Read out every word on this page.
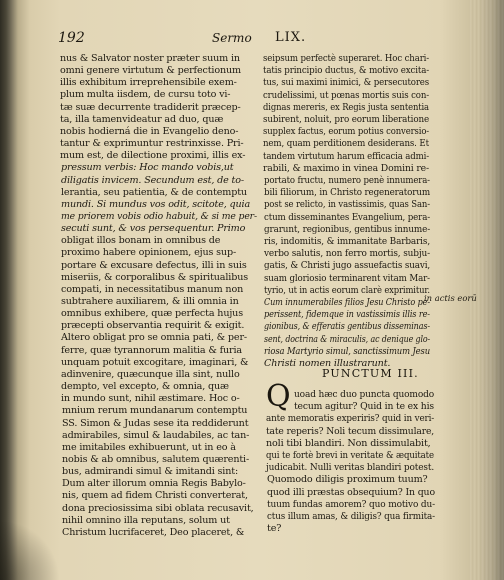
192	Sermo LIX.
nus & Salvator noster præter suum in
omni genere virtutum & perfectionum
illis exhibitum irreprehensibile exem-
plum multa iisdem, de cursu toto vi-
tæ suæ decurrente tradiderit præcep-
ta, illa tamenvideatur ad duo, quæ
nobis hodierná die in Evangelio deno-
tantur & exprimuntur restrinxisse. Pri-
mum est, de dilectione proximi, illis ex-
pressum verbis: Hoc mando vobis,ut
diligatis invicem. Secundum est, de to-
lerantia, seu patientia, & de contemptu
mundi. Si mundus vos odit, scitote, quia
me priorem vobis odio habuit, & si me per-
secuti sunt, & vos persequentur. Primo
obligat illos bonam in omnibus de
proximo habere opinionem, ejus sup-
portare & excusare defectus, illi in suis
miseriis, & corporalibus & spiritualibus
compati, in necessitatibus manum non
subtrahere auxiliarem, & illi omnia in
omnibus exhibere, quæ perfecta hujus
præcepti observantia requirit & exigit.
Altero obligat pro se omnia pati, & per-
ferre, quæ tyrannorum malitia & furia
unquam potuit excogitare, imaginari, &
adinvenire, quæcunque illa sint, nullo
dempto, vel excepto, & omnia, quæ
in mundo sunt, nihil æstimare. Hoc o-
mnium rerum mundanarum contemptu
SS. Simon & Judas sese ita reddiderunt
admirabiles, simul & laudabiles, ac tan-
me imitabiles exhibuerunt, ut in eo à
nobis & ab omnibus, salutem quærenti-
bus, admirandi simul & imitandi sint:
Dum alter illorum omnia Regis Babylo-
nis, quem ad fidem Christi converterat,
dona preciosissima sibi oblata recusavit,
nihil omnino illa reputans, solum ut
Christum lucrifaceret, Deo placeret, &
seipsum perfectè superaret. Hoc chari-
tatis principio ductus, & motivo excita-
tus, sui maximi inimici, & persecutores
crudelissimi, ut pœnas mortis suis con-
dignas mereris, ex Regis justa sententia
subirent, noluit, pro eorum liberatione
supplex factus, eorum potius conversio-
nem, quam perditionem desiderans. Et
tandem virtutum harum efficacia admi-
rabili, & maximo in vinea Domini re-
portato fructu, numero penè innumera-
bili filiorum, in Christo regeneratorum
post se relicto, in vastissimis, quas San-
ctum disseminantes Evangelium, pera-
grarunt, regionibus, gentibus innume-
ris, indomitis, & immanitate Barbaris,
verbo salutis, non ferro mortis, subju-
gatis, & Christi jugo assuefactis suavi,
suam gloriosio terminarent vitam Mar-
tyrio, ut in actis eorum clarè exprimitur.
Cum innumerabiles filios Jesu Christo pe-
perissent, fidemque in vastissimis illis re-
gionibus, & efferatis gentibus disseminas-
sent, doctrina & miraculis, ac denique glo-
riosa Martyrio simul, sanctissimum Jesu
Christi nomen illustrarunt.
in actis eorū
PUNCTUM III.
Q uoad hæc duo puncta quomodo
tecum agitur? Quid in te ex his
ante memoratis experiris? quid in veri-
tate reperis? Noli tecum dissimulare,
noli tibi blandiri. Non dissimulabit,
qui te fortè brevi in veritate & æquitate
judicabit. Nulli veritas blandiri potest.
Quomodo diligis proximum tuum?
quod illi præstas obsequium? In quo
tuum fundas amorem? quo motivo du-
ctus illum amas, & diligis? qua firmita-
te?
